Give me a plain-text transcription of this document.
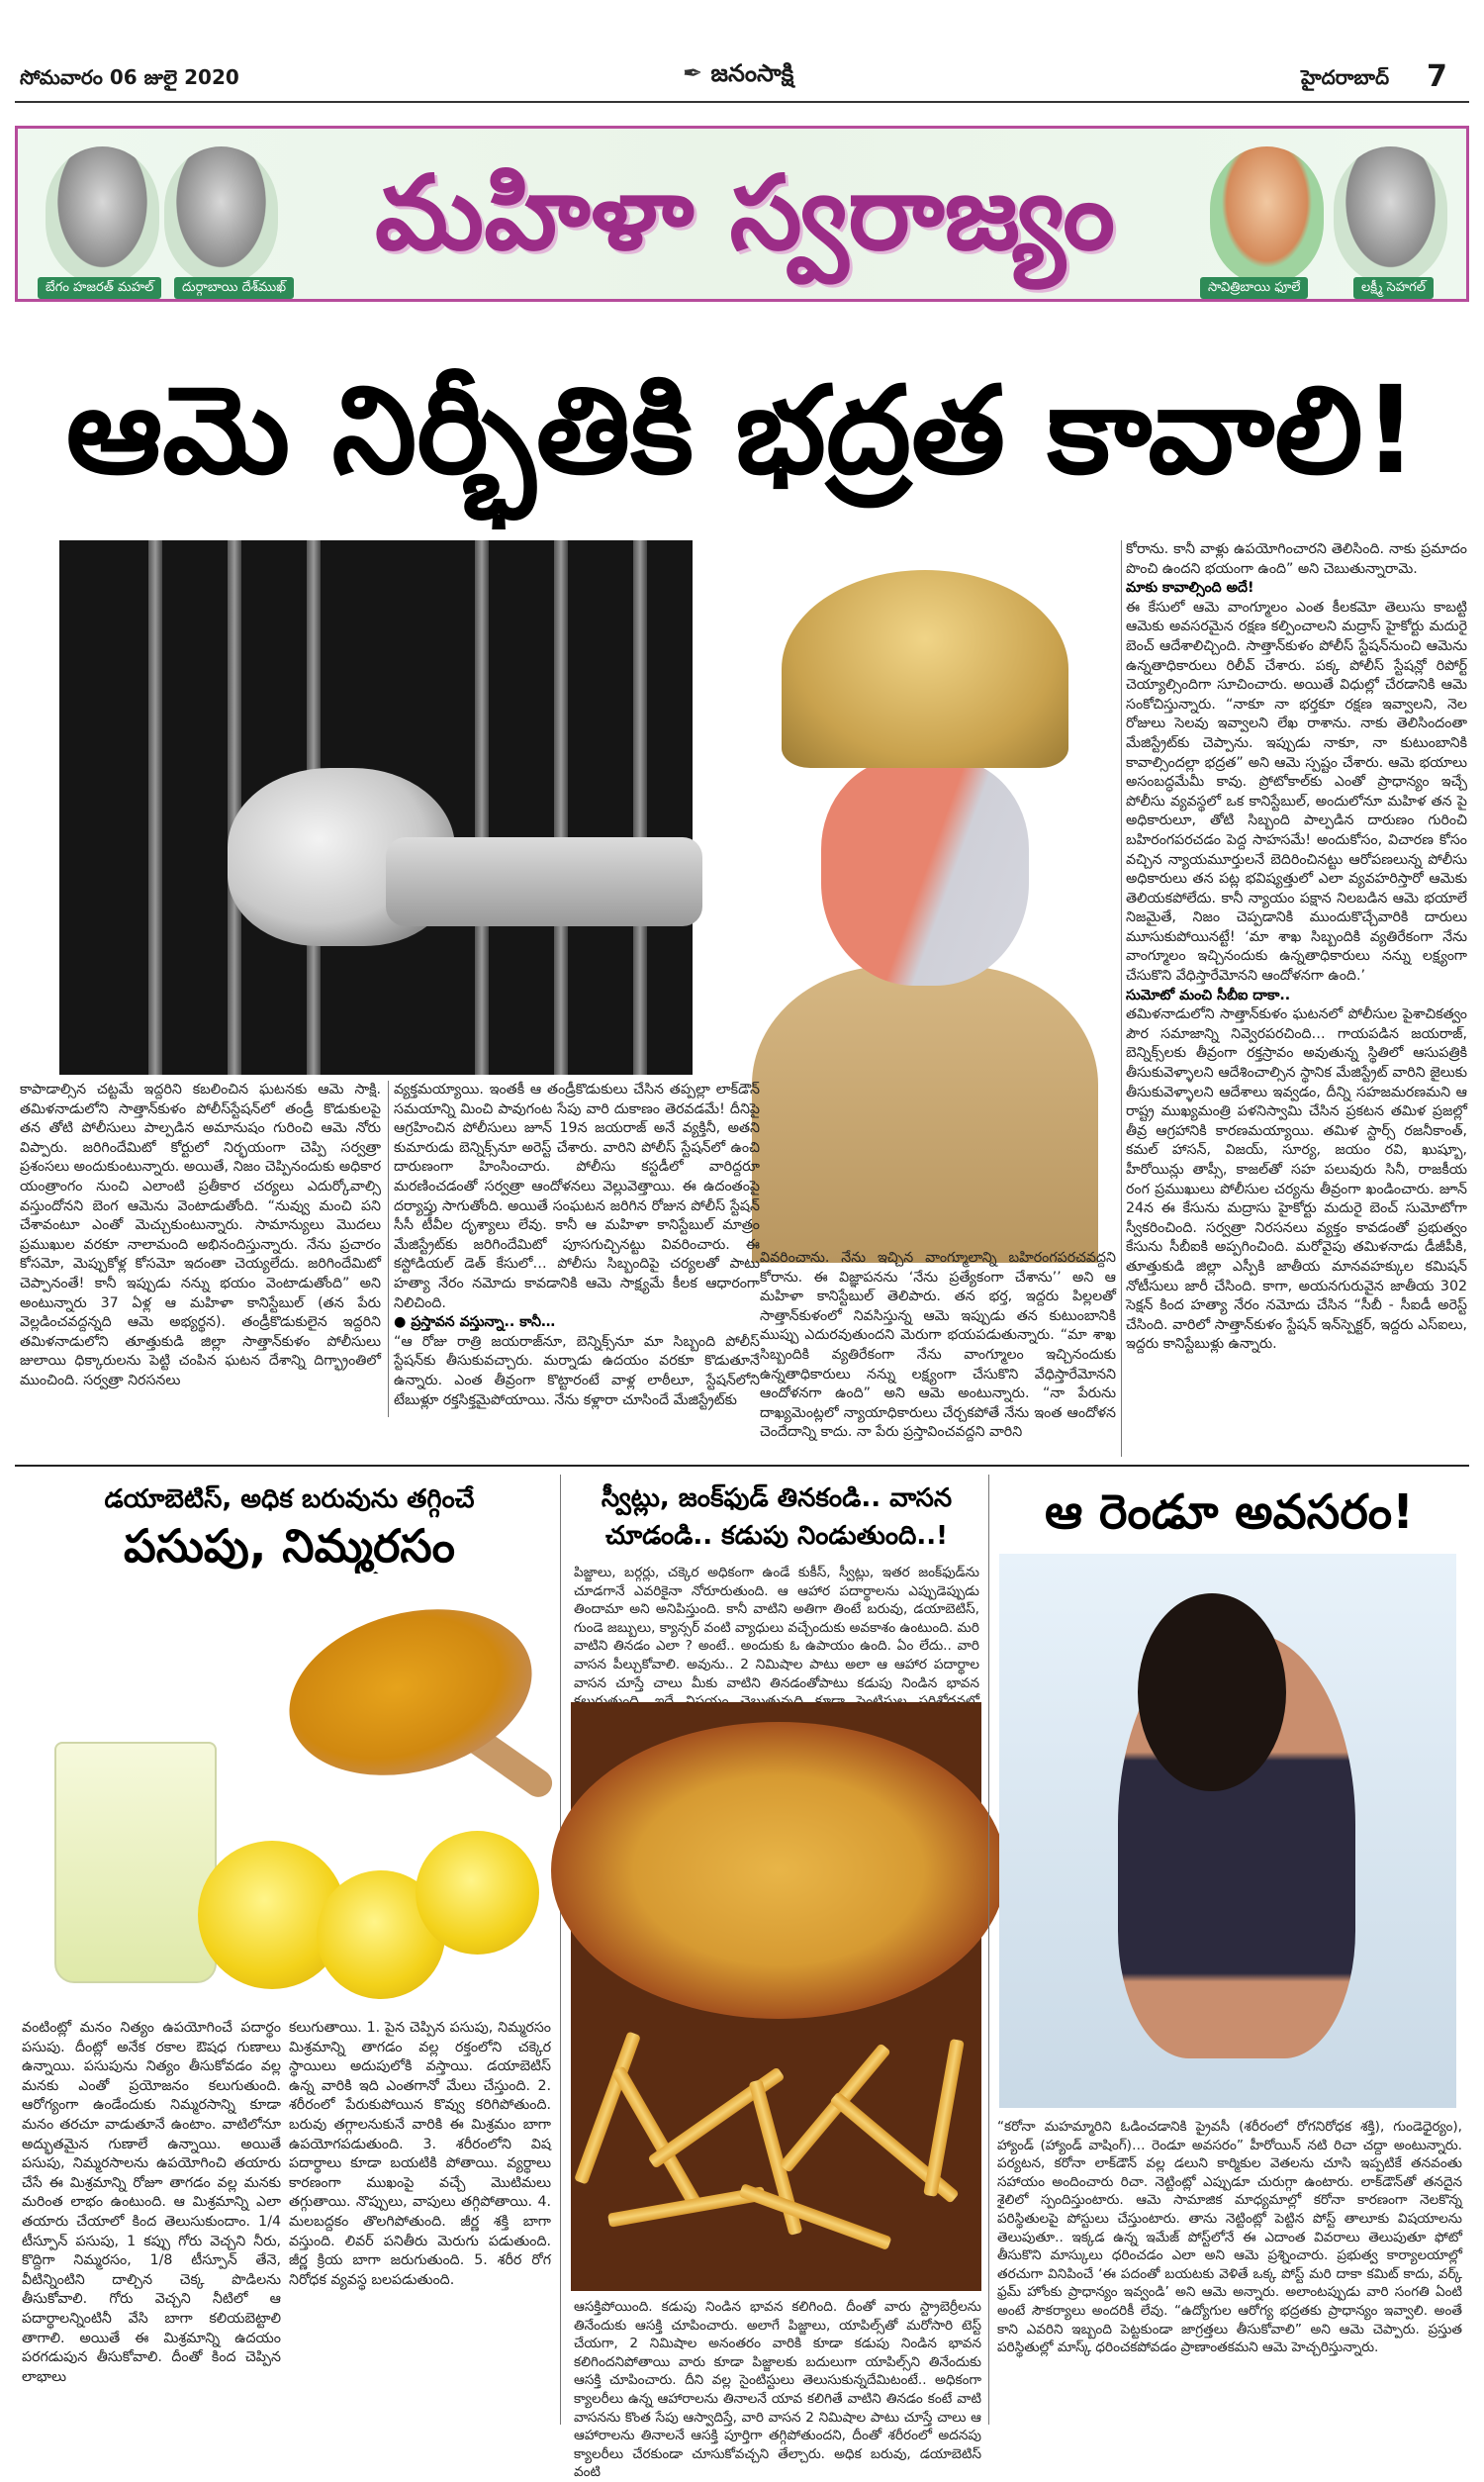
సోమవారం 06 జులై 2020	✒ జనంసాక్షి	హైదరాబాద్ 7
బేగం హజరత్ మహల్	దుర్గాబాయి దేశ్‌ముఖ్
మహిళా స్వరాజ్యం
సావిత్రిబాయి ఫూలే	లక్ష్మీ సెహగల్
ఆమె నిర్భీతికి భద్రత కావాలి!
కాపాడాల్సిన చట్టమే ఇద్దరిని కబలించిన ఘటనకు ఆమె సాక్షి. తమిళనాడులోని సాత్తాన్‌కుళం పోలీస్‌స్టేషన్‌లో తండ్రీ కొడుకులపై తన తోటి పోలీసులు పాల్పడిన అమానుషం గురించి ఆమె నోరు విప్పారు. జరిగిందేమిటో కోర్టులో నిర్భయంగా చెప్పి సర్వత్రా ప్రశంసలు అందుకుంటున్నారు. అయితే, నిజం చెప్పినందుకు అధికార యంత్రాంగం నుంచి ఎలాంటి ప్రతీకార చర్యలు ఎదుర్కోవాల్సి వస్తుందోనని బెంగ ఆమెను వెంటాడుతోంది. “నువ్వు మంచి పని చేశావంటూ ఎంతో మెచ్చుకుంటున్నారు. సామాన్యులు మొదలు ప్రముఖుల వరకూ నాలామంది అభినందిస్తున్నారు. నేను ప్రచారం కోసమో, మెప్పుకోళ్ల కోసమో ఇదంతా చెయ్యలేదు. జరిగిందేమిటో చెప్పానంతే! కానీ ఇప్పుడు నన్ను భయం వెంటాడుతోంది” అని అంటున్నారు 37 ఏళ్ల ఆ మహిళా కానిస్టేబుల్ (తన పేరు వెల్లడించవద్దన్నది ఆమె అభ్యర్థన). తండ్రీకొడుకులైన ఇద్దరిని తమిళనాడులోని తూత్తుకుడి జిల్లా సాత్తాన్‌కుళం పోలీసులు జులాయి ధిక్కారులను పెట్టి చంపిన ఘటన దేశాన్ని దిగ్భ్రాంతిలో ముంచింది. సర్వత్రా నిరసనలు
వ్యక్తమయ్యాయి. ఇంతకీ ఆ తండ్రీకొడుకులు చేసిన తప్పల్లా లాక్‌డౌన్ సమయాన్ని మించి పావుగంట సేపు వారి దుకాణం తెరవడమే! దీనిపై ఆగ్రహించిన పోలీసులు జూన్ 19న జయరాజ్ అనే వ్యక్తినీ, అతని కుమారుడు బెన్నిక్స్‌నూ అరెస్ట్ చేశారు. వారిని పోలీస్ స్టేషన్‌లో ఉంచి దారుణంగా హింసించారు. పోలీసు కస్టడీలో వారిద్దరూ మరణించడంతో సర్వత్రా ఆందోళనలు వెల్లువెత్తాయి. ఈ ఉదంతంపై దర్యాప్తు సాగుతోంది. అయితే సంఘటన జరిగిన రోజున పోలీస్ స్టేషన్ సీసీ టీవీల దృశ్యాలు లేవు. కానీ ఆ మహిళా కానిస్టేబుల్ మాత్రం మేజిస్ట్రేట్‌కు జరిగిందేమిటో పూసగుచ్చినట్టు వివరించారు. ఈ కస్టోడియల్ డెత్ కేసులో… పోలీసు సిబ్బందిపై చర్యలతో పాటు హత్యా నేరం నమోదు కావడానికి ఆమె సాక్ష్యమే కీలక ఆధారంగా నిలిచింది.
● ప్రస్తావన వస్తున్నా.. కానీ…
“ఆ రోజు రాత్రి జయరాజ్‌నూ, బెన్నిక్స్‌నూ మా సిబ్బంది పోలీస్ స్టేషన్‌కు తీసుకువచ్చారు. మర్నాడు ఉదయం వరకూ కొడుతూనే ఉన్నారు. ఎంత తీవ్రంగా కొట్టారంటే వాళ్ల లాఠీలూ, స్టేషన్‌లోని టేబుళ్లూ రక్తసిక్తమైపోయాయి. నేను కళ్లారా చూసిందే మేజిస్ట్రేట్‌కు
వివరించాను. నేను ఇచ్చిన వాంగ్మూలాన్ని బహిరంగపరచవద్దని కోరాను. ఈ విజ్ఞాపనను ‘నేను ప్రత్యేకంగా చేశాను’’ అని ఆ మహిళా కానిస్టేబుల్ తెలిపారు. తన భర్త, ఇద్దరు పిల్లలతో సాత్తాన్‌కుళంలో నివసిస్తున్న ఆమె ఇప్పుడు తన కుటుంబానికి ముప్పు ఎదురవుతుందని మెరుగా భయపడుతున్నారు. “మా శాఖ సిబ్బందికి వ్యతిరేకంగా నేను వాంగ్మూలం ఇచ్చినందుకు ఉన్నతాధికారులు నన్ను లక్ష్యంగా చేసుకొని వేధిస్తారేమోనని ఆందోళనగా ఉంది” అని ఆమె అంటున్నారు. “నా పేరును దాఖ్యమెంట్లలో న్యాయాధికారులు చేర్చకపోతే నేను ఇంత ఆందోళన చెందేదాన్ని కాదు. నా పేరు ప్రస్తావించవద్దని వారిని
కోరాను. కానీ వాళ్లు ఉపయోగించారని తెలిసింది. నాకు ప్రమాదం పొంచి ఉందని భయంగా ఉంది” అని చెబుతున్నారామె.
మాకు కావాల్సింది అదే!
ఈ కేసులో ఆమె వాంగ్మూలం ఎంత కీలకమో తెలుసు కాబట్టి ఆమెకు అవసరమైన రక్షణ కల్పించాలని మద్రాస్ హైకోర్టు మదురై బెంచ్ ఆదేశాలిచ్చింది. సాత్తాన్‌కుళం పోలీస్ స్టేషన్‌నుంచి ఆమెను ఉన్నతాధికారులు రిలీవ్ చేశారు. పక్క పోలీస్ స్టేషన్లో రిపోర్ట్ చెయ్యాల్సిందిగా సూచించారు. అయితే విధుల్లో చేరడానికి ఆమె సంకోచిస్తున్నారు. “నాకూ నా భర్తకూ రక్షణ ఇవ్వాలని, నెల రోజులు సెలవు ఇవ్వాలని లేఖ రాశాను. నాకు తెలిసిందంతా మేజిస్ట్రేట్‌కు చెప్పాను. ఇప్పుడు నాకూ, నా కుటుంబానికి కావాల్సిందల్లా భద్రత” అని ఆమె స్పష్టం చేశారు. ఆమె భయాలు అసంబద్ధమేమీ కావు. ప్రోటోకాల్‌కు ఎంతో ప్రాధాన్యం ఇచ్చే పోలీసు వ్యవస్థలో ఒక కానిస్టేబుల్, అందులోనూ మహిళ తన పై అధికారులూ, తోటి సిబ్బంది పాల్పడిన దారుణం గురించి బహిరంగపరచడం పెద్ద సాహసమే! అందుకోసం, విచారణ కోసం వచ్చిన న్యాయమూర్తులనే బెదిరించినట్టు ఆరోపణలున్న పోలీసు అధికారులు తన పట్ల భవిష్యత్తులో ఎలా వ్యవహరిస్తారో ఆమెకు తెలియకపోలేదు. కానీ న్యాయం పక్షాన నిలబడిన ఆమె భయాలే నిజమైతే, నిజం చెప్పడానికి ముందుకొచ్చేవారికి దారులు మూసుకుపోయినట్టే! ‘మా శాఖ సిబ్బందికి వ్యతిరేకంగా నేను వాంగ్మూలం ఇచ్చినందుకు ఉన్నతాధికారులు నన్ను లక్ష్యంగా చేసుకొని వేధిస్తారేమోనని ఆందోళనగా ఉంది.’
సుమోటో మంచి సీబీఐ దాకా..
తమిళనాడులోని సాత్తాన్‌కుళం ఘటనలో పోలీసుల పైశాచికత్వం పౌర సమాజాన్ని నివ్వెరపరచింది… గాయపడిన జయరాజ్, బెన్నిక్స్‌లకు తీవ్రంగా రక్తస్రావం అవుతున్న స్థితిలో ఆసుపత్రికి తీసుకువెళ్ళాలని ఆదేశించాల్సిన స్థానిక మేజిస్ట్రేట్ వారిని జైలుకు తీసుకువెళ్ళాలని ఆదేశాలు ఇవ్వడం, దీన్ని సహజమరణమని ఆ రాష్ట్ర ముఖ్యమంత్రి పళనిస్వామి చేసిన ప్రకటన తమిళ ప్రజల్లో తీవ్ర ఆగ్రహానికి కారణమయ్యాయి. తమిళ స్టార్స్ రజనీకాంత్, కమల్ హాసన్, విజయ్, సూర్య, జయం రవి, ఖుష్బూ, హీరోయిన్లు తాప్సీ, కాజల్‌తో సహ పలువురు సినీ, రాజకీయ రంగ ప్రముఖులు పోలీసుల చర్యను తీవ్రంగా ఖండించారు. జూన్ 24న ఈ కేసును మద్రాసు హైకోర్టు మదురై బెంచ్ సుమోటోగా స్వీకరించింది. సర్వత్రా నిరసనలు వ్యక్తం కావడంతో ప్రభుత్వం కేసును సీబీఐకి అప్పగించింది. మరోవైపు తమిళనాడు డీజీపీకి, తూత్తుకుడి జిల్లా ఎస్పీకి జాతీయ మానవహక్కుల కమిషన్ నోటీసులు జారీ చేసింది. కాగా, అయనగురువైన జాతీయ 302 సెక్షన్ కింద హత్యా నేరం నమోదు చేసిన “సీబీ - సీఐడీ అరెస్ట్ చేసింది. వారిలో సాత్తాన్‌కుళం స్టేషన్ ఇన్‌స్పెక్టర్, ఇద్దరు ఎస్‌ఐలు, ఇద్దరు కానిస్టేబుళ్లు ఉన్నారు.
డయాబెటిస్, అధిక బరువును తగ్గించే
పసుపు, నిమ్మరసం
వంటింట్లో మనం నిత్యం ఉపయోగించే పదార్థం పసుపు. దీంట్లో అనేక రకాల ఔషధ గుణాలు ఉన్నాయి. పసుపును నిత్యం తీసుకోవడం వల్ల మనకు ఎంతో ప్రయోజనం కలుగుతుంది. ఆరోగ్యంగా ఉండేందుకు నిమ్మరసాన్ని కూడా మనం తరచూ వాడుతూనే ఉంటాం. వాటిలోనూ అద్భుతమైన గుణాలే ఉన్నాయి. అయితే పసుపు, నిమ్మరసాలను ఉపయోగించి తయారు చేసే ఈ మిశ్రమాన్ని రోజూ తాగడం వల్ల మనకు మరింత లాభం ఉంటుంది. ఆ మిశ్రమాన్ని ఎలా తయారు చేయాలో కింద తెలుసుకుందాం. 1/4 టీస్పూన్ పసుపు, 1 కప్పు గోరు వెచ్చని నీరు, కొద్దిగా నిమ్మరసం, 1/8 టీస్పూన్ తేనె, వీటిన్నింటిని దాల్చిన చెక్క పొడిలను తీసుకోవాలి. గోరు వెచ్చని నీటిలో ఆ పదార్థాలన్నింటినీ వేసి బాగా కలియబెట్టాలి తాగాలి. అయితే ఈ మిశ్రమాన్ని ఉదయం పరగడుపున తీసుకోవాలి. దీంతో కింద చెప్పిన లాభాలు
కలుగుతాయి. 1. పైన చెప్పిన పసుపు, నిమ్మరసం మిశ్రమాన్ని తాగడం వల్ల రక్తంలోని చక్కెర స్థాయిలు అదుపులోకి వస్తాయి. డయాబెటిస్ ఉన్న వారికి ఇది ఎంతగానో మేలు చేస్తుంది. 2. శరీరంలో పేరుకుపోయిన కొవ్వు కరిగిపోతుంది. బరువు తగ్గాలనుకునే వారికి ఈ మిశ్రమం బాగా ఉపయోగపడుతుంది. 3. శరీరంలోని విష పదార్థాలు కూడా బయటికి పోతాయి. వ్యర్థాలు కారణంగా ముఖంపై వచ్చే మొటిమలు తగ్గుతాయి. నొప్పులు, వాపులు తగ్గిపోతాయి. 4. మలబద్దకం తొలగిపోతుంది. జీర్ణ శక్తి బాగా వస్తుంది. లివర్ పనితీరు మెరుగు పడుతుంది. జీర్ణ క్రియ బాగా జరుగుతుంది. 5. శరీర రోగ నిరోధక వ్యవస్థ బలపడుతుంది.
స్వీట్లు, జంక్‌ఫుడ్ తినకండి.. వాసన చూడండి.. కడుపు నిండుతుంది..!
పిజ్జాలు, బర్గర్లు, చక్కెర అధికంగా ఉండే కుకీస్, స్వీట్లు, ఇతర జంక్‌ఫుడ్‌ను చూడగానే ఎవరికైనా నోరూరుతుంది. ఆ ఆహార పదార్థాలను ఎప్పుడెప్పుడు తిందామా అని అనిపిస్తుంది. కానీ వాటిని అతిగా తింటే బరువు, డయాబెటిస్, గుండె జబ్బులు, క్యాన్సర్ వంటి వ్యాధులు వచ్చేందుకు అవకాశం ఉంటుంది. మరి వాటిని తినడం ఎలా ? అంటే.. అందుకు ఓ ఉపాయం ఉంది. ఏం లేదు.. వారి వాసన పీల్చుకోవాలి. అవును.. 2 నిమిషాల పాటు అలా ఆ ఆహార పదార్థాల వాసన చూస్తే చాలు మీకు వాటిని తినడంతోపాటు కడుపు నిండిన భావన
ఆసక్తిపోయింది. కడుపు నిండిన భావన కలిగింది. దీంతో వారు స్ట్రాబెర్రీలను తినేందుకు ఆసక్తి చూపించారు. అలాగే పిజ్జాలు, యాపిల్స్‌తో మరోసారి టెస్ట్ చేయగా, 2 నిమిషాల అనంతరం వారికి కూడా కడుపు నిండిన భావన కలిగిందనిపోతాయి వారు కూడా పిజ్జాలకు బదులుగా యాపిల్స్‌ని తినేందుకు ఆసక్తి చూపించారు. దీని వల్ల సైంటిస్టులు తెలుసుకున్నదేమిటంటే.. అధికంగా క్యాలరీలు ఉన్న ఆహారాలను తినాలనే యావ కలిగితే వాటిని తినడం కంటే వాటి వాసనను కొంత సేపు ఆస్వాదిస్తే, వారి వాసన 2 నిమిషాల పాటు చూస్తే చాలు ఆ ఆహారాలను తినాలనే ఆసక్తి పూర్తిగా తగ్గిపోతుందని, దీంతో శరీరంలో అదనపు క్యాలరీలు చేరకుండా చూసుకోవచ్చని తేల్చారు. అధిక బరువు, డయాబెటిస్ వంటి
ఆ రెండూ అవసరం!
“కరోనా మహమ్మారిని ఓడించడానికి ప్రైవసీ (శరీరంలో రోగనిరోధక శక్తి), గుండెధైర్యం), హ్యాండ్ (హ్యాండ్ వాషింగ్)… రెండూ అవసరం” హీరోయిన్‌ నటి రిచా చద్దా అంటున్నారు. పర్యటన, కరోనా లాక్‌డౌన్ వల్ల డలుని కార్మికుల వెతలను చూసి ఇప్పటికే తనవంతు సహాయం అందించారు రిచా. నెట్టింట్లో ఎప్పుడూ చురుగ్గా ఉంటారు. లాక్‌డౌన్‌తో తనదైన శైలిలో స్పందిస్తుంటారు. ఆమె సామాజిక మాధ్యమాల్లో కరోనా కారణంగా నెలకొన్న పరిస్థితులపై పోస్టులు చేస్తుంటారు. తాను నెట్టింట్లో పెట్టిన పోస్ట్ తాలూకు విషయాలను తెలుపుతూ.. ఇక్కడ ఉన్న ఇమేజ్ పోస్ట్‌లోనే ఈ ఎదాంత వివరాలు తెలుపుతూ ఫోటో తీసుకొని మాస్కులు ధరించడం ఎలా అని ఆమె ప్రశ్నించారు. ప్రభుత్వ కార్యాలయాల్లో తరచుగా వినిపించే ‘ఈ పదంతో బయటకు వెళితే ఒక్క పోస్ట్ మరి దాకా కమిట్ కాదు, వర్క్ ఫ్రమ్ హోంకు ప్రాధాన్యం ఇవ్వండి’ అని ఆమె అన్నారు. అలాంటప్పుడు వారి సంగతి ఏంటి అంటే సౌకర్యాలు అందరికీ లేవు. “ఉద్యోగుల ఆరోగ్య భద్రతకు ప్రాధాన్యం ఇవ్వాలి. అంతే కాని ఎవరిని ఇబ్బంది పెట్టకుండా జాగ్రత్తలు తీసుకోవాలి” అని ఆమె చెప్పారు. ప్రస్తుత పరిస్థితుల్లో మాస్క్ ధరించకపోవడం ప్రాణాంతకమని ఆమె హెచ్చరిస్తున్నారు.
